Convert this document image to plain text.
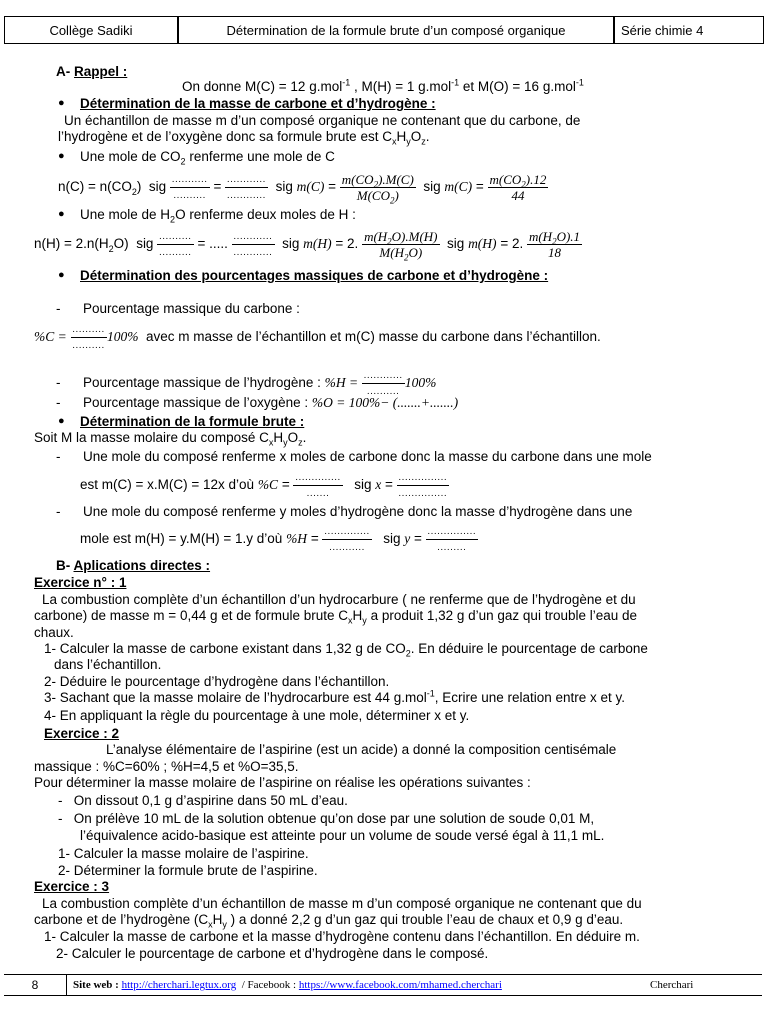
Collège Sadiki	Détermination de la formule brute d’un composé organique	Série chimie 4
A- Rappel :
On donne M(C) = 12 g.mol$^{-1}$ , M(H) = 1 g.mol$^{-1}$ et M(O) = 16 g.mol$^{-1}$
● Détermination de la masse de carbone et d’hydrogène :
Un échantillon de masse m d’un composé organique ne contenant que du carbone, de
l’hydrogène et de l’oxygène donc sa formule brute est $C_xH_yO_z$.
● Une mole de $CO_2$ renferme une mole de C
$n(C) = n(CO_2)$ sig $\frac{...........}{..........} = \frac{............}{............}$ sig $m(C) = \frac{m(CO_2).M(C)}{M(CO_2)}$ sig $m(C) = \frac{m(CO_2).12}{44}$
● Une mole de $H_2O$ renferme deux moles de H :
$n(H) = 2.n(H_2O)$ sig $\frac{..........}{..........}$ = ..... $\frac{............}{............}$ sig m(H) = 2. $\frac{m(H_2O).M(H)}{M(H_2O)}$ sig m(H) = 2. $\frac{m(H_2O).1}{18}$
● Détermination des pourcentages massiques de carbone et d’hydrogène :
-      Pourcentage massique du carbone :
$\%C = \frac{..........}{..........} 100\%$ avec m masse de l’échantillon et m(C) masse du carbone dans l’échantillon.
-      Pourcentage massique de l’hydrogène : $\%H = \frac{............}{..........} 100\%$
-      Pourcentage massique de l’oxygène : %O = 100%− (.......+.......)
● Détermination de la formule brute :
Soit M la masse molaire du composé $C_xH_yO_z$.
-      Une mole du composé renferme x moles de carbone donc la masse du carbone dans une mole
est m(C) = x.M(C) = 12x d’où $\%C = \frac{..............}{.......}$ sig $x = \frac{...............}{...............}$
-      Une mole du composé renferme y moles d’hydrogène donc la masse d’hydrogène dans une
mole est m(H) = y.M(H) = 1.y d’où $\%H = \frac{..............}{...........}$ sig $y = \frac{...............}{.........}$
B- Aplications directes :
Exercice n° : 1
La combustion complète d’un échantillon d’un hydrocarbure ( ne renferme que de l’hydrogène et du
carbone) de masse m = 0,44 g et de formule brute $C_xH_y$ a produit 1,32 g d’un gaz qui trouble l’eau de
chaux.
1- Calculer la masse de carbone existant dans 1,32 g de $CO_2$. En déduire le pourcentage de carbone
dans l’échantillon.
2- Déduire le pourcentage d’hydrogène dans l’échantillon.
3- Sachant que la masse molaire de l’hydrocarbure est 44 g.mol$^{-1}$, Ecrire une relation entre x et y.
4- En appliquant la règle du pourcentage à une mole, déterminer x et y.
Exercice : 2
L’analyse élémentaire de l’aspirine (est un acide) a donné la composition centisémale
massique : %C=60% ; %H=4,5 et %O=35,5.
Pour déterminer la masse molaire de l’aspirine on réalise les opérations suivantes :
-   On dissout 0,1 g d’aspirine dans 50 mL d’eau.
-   On prélève 10 mL de la solution obtenue qu’on dose par une solution de soude 0,01 M,
l’équivalence acido-basique est atteinte pour un volume de soude versé égal à 11,1 mL.
1- Calculer la masse molaire de l’aspirine.
2- Déterminer la formule brute de l’aspirine.
Exercice : 3
La combustion complète d’un échantillon de masse m d’un composé organique ne contenant que du
carbone et de l’hydrogène ($C_xH_y$ ) a donné 2,2 g d’un gaz qui trouble l’eau de chaux et 0,9 g d’eau.
1- Calculer la masse de carbone et la masse d’hydrogène contenu dans l’échantillon. En déduire m.
2- Calculer le pourcentage de carbone et d’hydrogène dans le composé.
8	Site web : http://cherchari.legtux.org / Facebook : https://www.facebook.com/mhamed.cherchari	Cherchari
